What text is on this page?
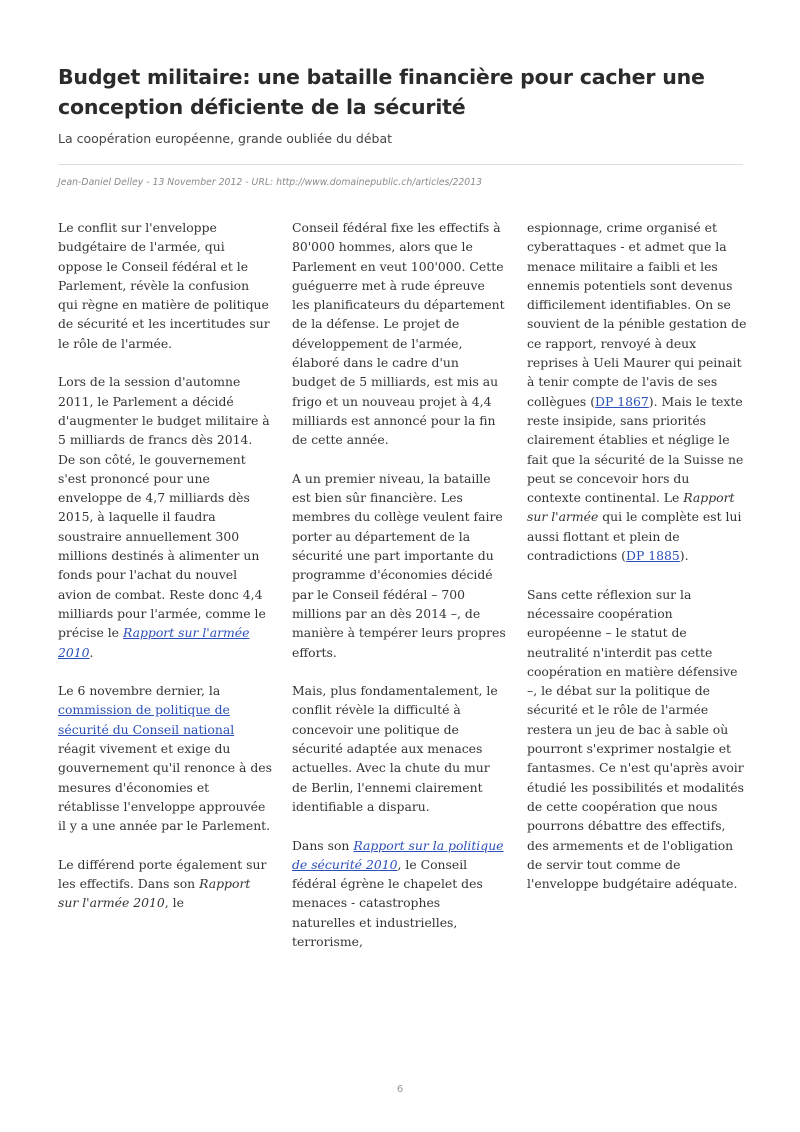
Budget militaire: une bataille financière pour cacher une conception déficiente de la sécurité

La coopération européenne, grande oubliée du débat

Jean-Daniel Delley - 13 November 2012 - URL: http://www.domainepublic.ch/articles/22013

Le conflit sur l'enveloppe budgétaire de l'armée, qui oppose le Conseil fédéral et le Parlement, révèle la confusion qui règne en matière de politique de sécurité et les incertitudes sur le rôle de l'armée.

Lors de la session d'automne 2011, le Parlement a décidé d'augmenter le budget militaire à 5 milliards de francs dès 2014. De son côté, le gouvernement s'est prononcé pour une enveloppe de 4,7 milliards dès 2015, à laquelle il faudra soustraire annuellement 300 millions destinés à alimenter un fonds pour l'achat du nouvel avion de combat. Reste donc 4,4 milliards pour l'armée, comme le précise le Rapport sur l'armée 2010.

Le 6 novembre dernier, la commission de politique de sécurité du Conseil national réagit vivement et exige du gouvernement qu'il renonce à des mesures d'économies et rétablisse l'enveloppe approuvée il y a une année par le Parlement.

Le différend porte également sur les effectifs. Dans son Rapport sur l'armée 2010, le

Conseil fédéral fixe les effectifs à 80'000 hommes, alors que le Parlement en veut 100'000. Cette guéguerre met à rude épreuve les planificateurs du département de la défense. Le projet de développement de l'armée, élaboré dans le cadre d'un budget de 5 milliards, est mis au frigo et un nouveau projet à 4,4 milliards est annoncé pour la fin de cette année.

A un premier niveau, la bataille est bien sûr financière. Les membres du collège veulent faire porter au département de la sécurité une part importante du programme d'économies décidé par le Conseil fédéral – 700 millions par an dès 2014 –, de manière à tempérer leurs propres efforts.

Mais, plus fondamentalement, le conflit révèle la difficulté à concevoir une politique de sécurité adaptée aux menaces actuelles. Avec la chute du mur de Berlin, l'ennemi clairement identifiable a disparu.

Dans son Rapport sur la politique de sécurité 2010, le Conseil fédéral égrène le chapelet des menaces - catastrophes naturelles et industrielles, terrorisme,

espionnage, crime organisé et cyberattaques - et admet que la menace militaire a faibli et les ennemis potentiels sont devenus difficilement identifiables. On se souvient de la pénible gestation de ce rapport, renvoyé à deux reprises à Ueli Maurer qui peinait à tenir compte de l'avis de ses collègues (DP 1867). Mais le texte reste insipide, sans priorités clairement établies et néglige le fait que la sécurité de la Suisse ne peut se concevoir hors du contexte continental. Le Rapport sur l'armée qui le complète est lui aussi flottant et plein de contradictions (DP 1885).

Sans cette réflexion sur la nécessaire coopération européenne – le statut de neutralité n'interdit pas cette coopération en matière défensive –, le débat sur la politique de sécurité et le rôle de l'armée restera un jeu de bac à sable où pourront s'exprimer nostalgie et fantasmes. Ce n'est qu'après avoir étudié les possibilités et modalités de cette coopération que nous pourrons débattre des effectifs, des armements et de l'obligation de servir tout comme de l'enveloppe budgétaire adéquate.

6
